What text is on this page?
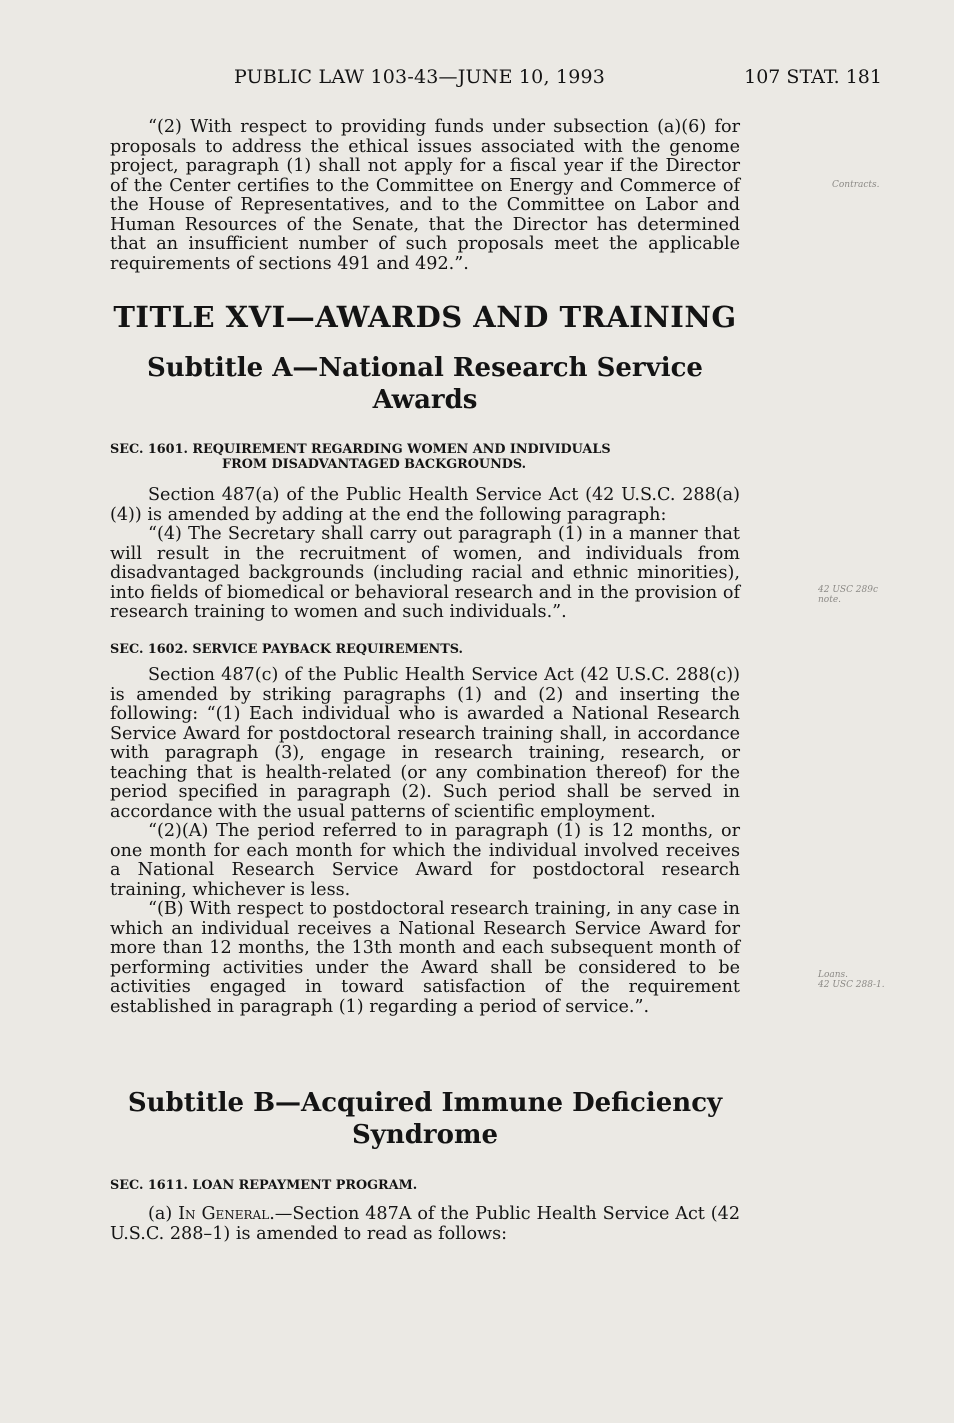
PUBLIC LAW 103-43—JUNE 10, 1993	107 STAT. 181

“(2) With respect to providing funds under subsection (a)(6) for proposals to address the ethical issues associated with the genome project, paragraph (1) shall not apply for a fiscal year if the Director of the Center certifies to the Committee on Energy and Commerce of the House of Representatives, and to the Committee on Labor and Human Resources of the Senate, that the Director has determined that an insufficient number of such proposals meet the applicable requirements of sections 491 and 492.”.

TITLE XVI—AWARDS AND TRAINING
Subtitle A—National Research Service
Awards

SEC. 1601. REQUIREMENT REGARDING WOMEN AND INDIVIDUALS
FROM DISADVANTAGED BACKGROUNDS.

Section 487(a) of the Public Health Service Act (42 U.S.C. 288(a)(4)) is amended by adding at the end the following paragraph:

“(4) The Secretary shall carry out paragraph (1) in a manner that will result in the recruitment of women, and individuals from disadvantaged backgrounds (including racial and ethnic minorities), into fields of biomedical or behavioral research and in the provision of research training to women and such individuals.”.

SEC. 1602. SERVICE PAYBACK REQUIREMENTS.

Section 487(c) of the Public Health Service Act (42 U.S.C. 288(c)) is amended by striking paragraphs (1) and (2) and inserting the following: “(1) Each individual who is awarded a National Research Service Award for postdoctoral research training shall, in accordance with paragraph (3), engage in research training, research, or teaching that is health-related (or any combination thereof) for the period specified in paragraph (2). Such period shall be served in accordance with the usual patterns of scientific employment.

“(2)(A) The period referred to in paragraph (1) is 12 months, or one month for each month for which the individual involved receives a National Research Service Award for postdoctoral research training, whichever is less.

“(B) With respect to postdoctoral research training, in any case in which an individual receives a National Research Service Award for more than 12 months, the 13th month and each subsequent month of performing activities under the Award shall be considered to be activities engaged in toward satisfaction of the requirement established in paragraph (1) regarding a period of service.”.

Subtitle B—Acquired Immune Deficiency
Syndrome

SEC. 1611. LOAN REPAYMENT PROGRAM.

(a) In General.—Section 487A of the Public Health Service Act (42 U.S.C. 288–1) is amended to read as follows:

Contracts.
42 USC 289c note.
Loans.
42 USC 288-1.
